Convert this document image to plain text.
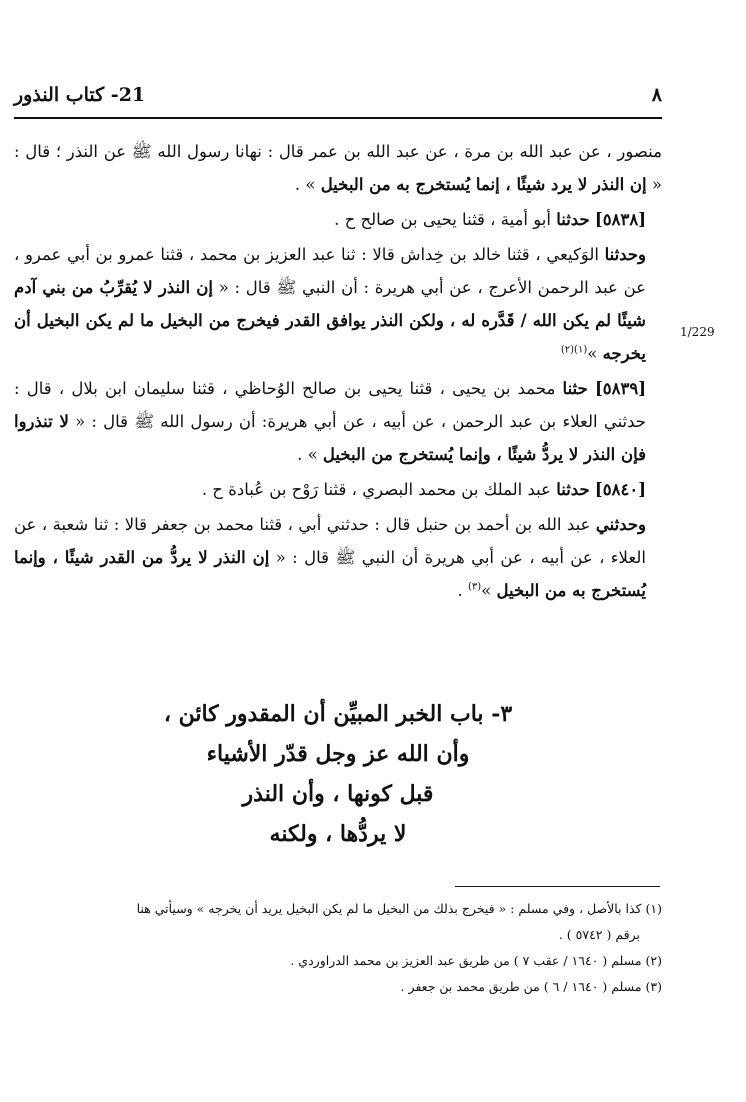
21- كتاب النذور	٨
1/229

منصور ، عن عبد الله بن مرة ، عن عبد الله بن عمر قال : نهانا رسول الله ﷺ عن النذر ؛ قال : « إن النذر لا يرد شيئًا ، إنما يُستخرج به من البخيل » .

[٥٨٣٨] حدثنا أبو أمية ، قثنا يحيى بن صالح ح .

وحدثنا الوَكيعي ، قثنا خالد بن خِداش قالا : ثنا عبد العزيز بن محمد ، قثنا عمرو بن أبي عمرو ، عن عبد الرحمن الأعرج ، عن أبي هريرة : أن النبي ﷺ قال : « إن النذر لا يُقرِّبُ من بني آدم شيئًا لم يكن الله / قَدَّره له ، ولكن النذر يوافق القدر فيخرج من البخيل ما لم يكن البخيل أن يخرجه »$^{(١)(٢)}$

[٥٨٣٩] حثنا محمد بن يحيى ، قثنا يحيى بن صالح الوُحاظي ، قثنا سليمان ابن بلال ، قال : حدثني العلاء بن عبد الرحمن ، عن أبيه ، عن أبي هريرة: أن رسول الله ﷺ قال : « لا تنذروا فإن النذر لا يردُّ شيئًا ، وإنما يُستخرج من البخيل » .

[٥٨٤٠] حدثنا عبد الملك بن محمد البصري ، قثنا رَوْح بن عُبادة ح .

وحدثني عبد الله بن أحمد بن حنبل قال : حدثني أبي ، قثنا محمد بن جعفر قالا : ثنا شعبة ، عن العلاء ، عن أبيه ، عن أبي هريرة أن النبي ﷺ قال : « إن النذر لا يردُّ من القدر شيئًا ، وإنما يُستخرج به من البخيل »$^{(٣)}$ .

٣- باب الخبر المبيِّن أن المقدور كائن ،
وأن الله عز وجل قدّر الأشياء
قبل كونها ، وأن النذر
لا يردُّها ، ولكنه

(١) كذا بالأصل ، وفي مسلم : « فيخرج بذلك من البخيل ما لم يكن البخيل يريد أن يخرجه » وسيأتي هنا

برقم ( ٥٧٤٢ ) .

(٢) مسلم ( ١٦٤٠ / عقب ٧ ) من طريق عبد العزيز بن محمد الدراوردي .

(٣) مسلم ( ١٦٤٠ / ٦ ) من طريق محمد بن جعفر .
